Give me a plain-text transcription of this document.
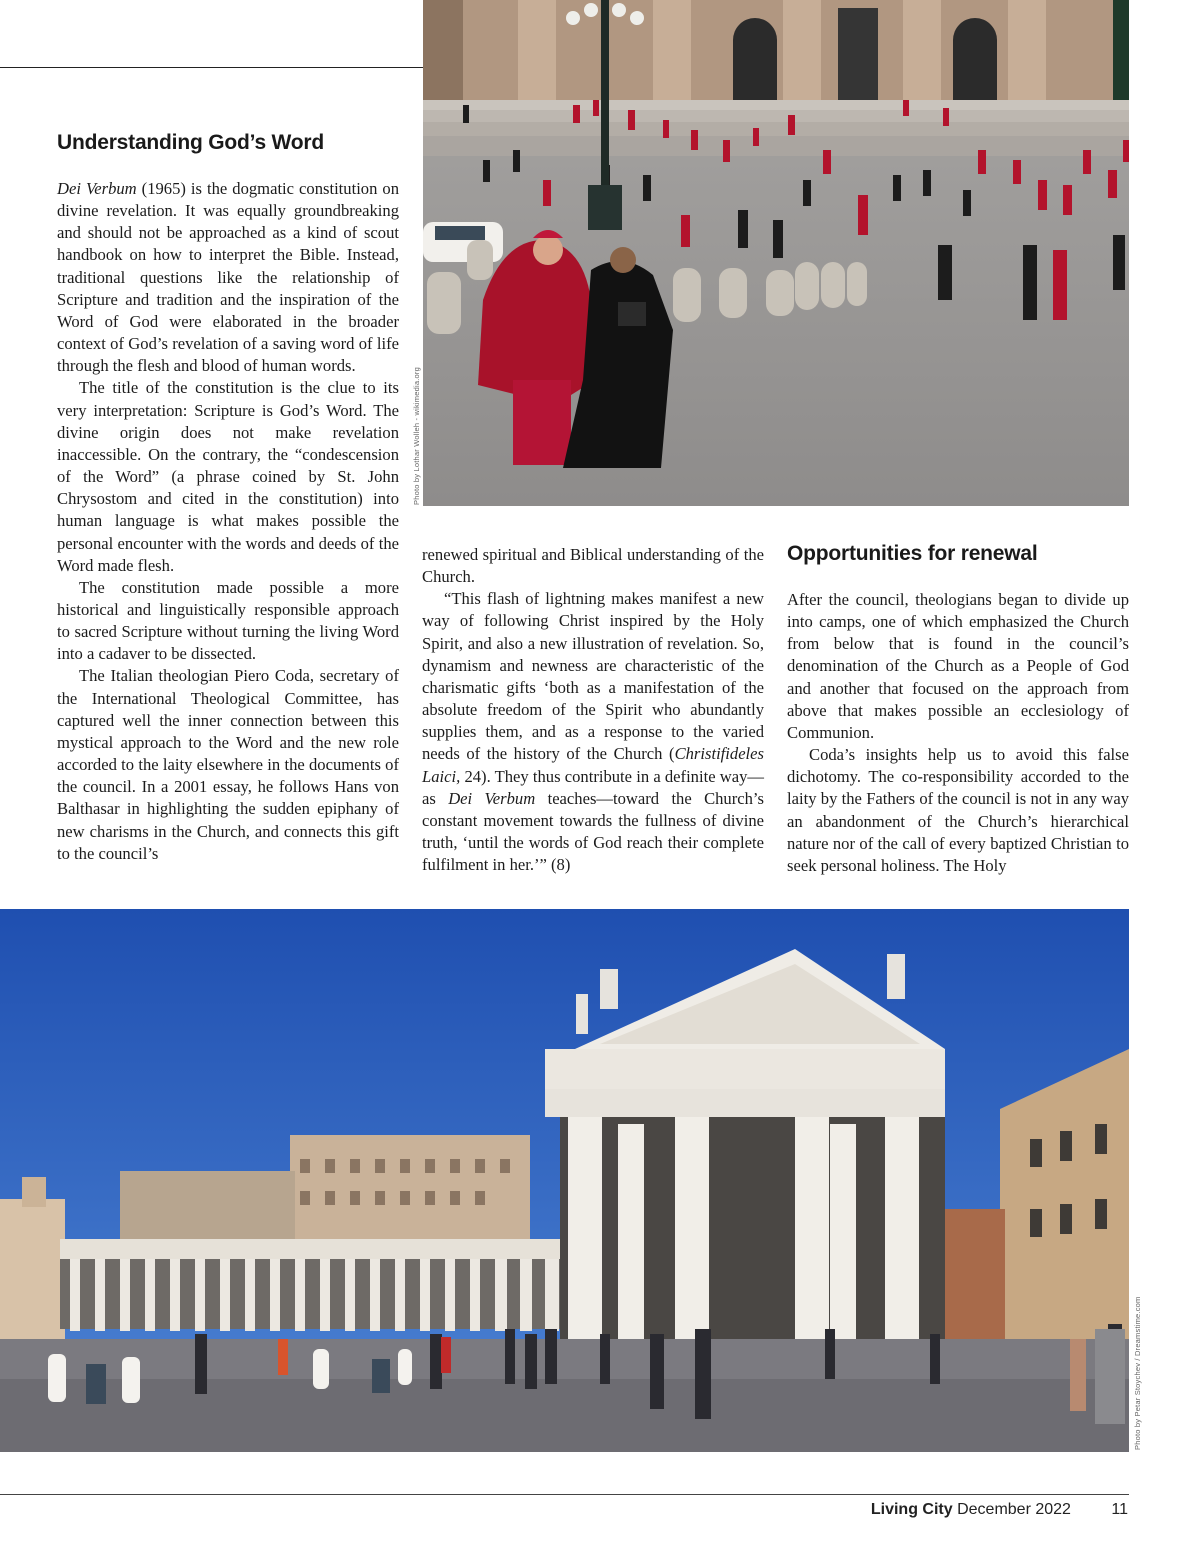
Photo by Lothar Wolleh - wikimedia.org
Understanding God’s Word

Dei Verbum (1965) is the dogmatic constitution on divine revelation. It was equally groundbreaking and should not be approached as a kind of scout handbook on how to interpret the Bible. Instead, traditional questions like the relationship of Scripture and tradition and the inspiration of the Word of God were elaborated in the broader context of God’s revelation of a saving word of life through the flesh and blood of human words.

The title of the constitution is the clue to its very interpretation: Scripture is God’s Word. The divine origin does not make revelation inaccessible. On the contrary, the “condescension of the Word” (a phrase coined by St. John Chrysostom and cited in the constitution) into human language is what makes possible the personal encounter with the words and deeds of the Word made flesh.

The constitution made possible a more historical and linguistically responsible approach to sacred Scripture without turning the living Word into a cadaver to be dissected.

The Italian theologian Piero Coda, secretary of the International Theological Committee, has captured well the inner connection between this mystical approach to the Word and the new role accorded to the laity elsewhere in the documents of the council. In a 2001 essay, he follows Hans von Balthasar in highlighting the sudden epiphany of new charisms in the Church, and connects this gift to the council’s

renewed spiritual and Biblical understanding of the Church.

“This flash of lightning makes manifest a new way of following Christ inspired by the Holy Spirit, and also a new illustration of revelation. So, dynamism and newness are characteristic of the charismatic gifts ‘both as a manifestation of the absolute freedom of the Spirit who abundantly supplies them, and as a response to the varied needs of the history of the Church (Christifideles Laici, 24). They thus contribute in a definite way—as Dei Verbum teaches—toward the Church’s constant movement towards the fullness of divine truth, ‘until the words of God reach their complete fulfilment in her.’” (8)

Opportunities for renewal

After the council, theologians began to divide up into camps, one of which emphasized the Church from below that is found in the council’s denomination of the Church as a People of God and another that focused on the approach from above that makes possible an ecclesiology of Communion.

Coda’s insights help us to avoid this false dichotomy. The co-responsibility accorded to the laity by the Fathers of the council is not in any way an abandonment of the Church’s hierarchical nature nor of the call of every baptized Christian to seek personal holiness. The Holy

Photo by Petar Stoychev / Dreamstime.com
Living City December 2022	11
